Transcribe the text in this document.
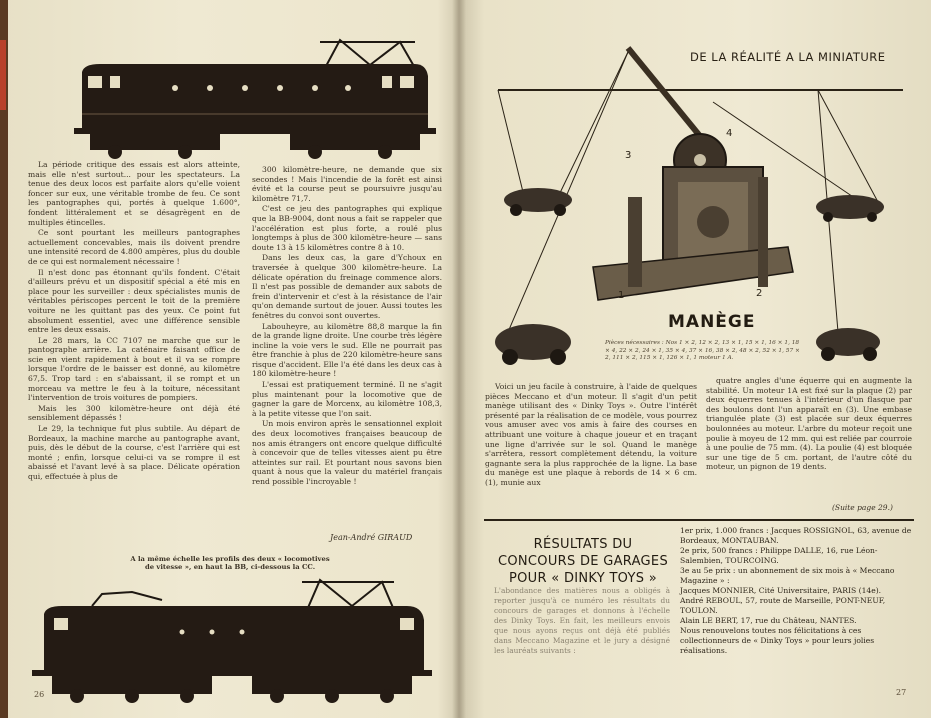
La période critique des essais est alors atteinte, mais elle n'est surtout... pour les spectateurs. La tenue des deux locos est parfaite alors qu'elle voient foncer sur eux, une véritable trombe de feu. Ce sont les pantographes qui, portés à quelque 1.600°, fondent littéralement et se désagrègent en de multiples étincelles.

Ce sont pourtant les meilleurs pantographes actuellement concevables, mais ils doivent prendre une intensité record de 4.800 ampères, plus du double de ce qui est normalement nécessaire !

Il n'est donc pas étonnant qu'ils fondent. C'était d'ailleurs prévu et un dispositif spécial a été mis en place pour les surveiller : deux spécialistes munis de véritables périscopes percent le toit de la première voiture ne les quittant pas des yeux. Ce point fut absolument essentiel, avec une différence sensible entre les deux essais.

Le 28 mars, la CC 7107 ne marche que sur le pantographe arrière. La caténaire faisant office de scie en vient rapidement à bout et il va se rompre lorsque l'ordre de le baisser est donné, au kilomètre 67,5. Trop tard : en s'abaissant, il se rompt et un morceau va mettre le feu à la toiture, nécessitant l'intervention de trois voitures de pompiers.

Mais les 300 kilomètre-heure ont déjà été sensiblement dépassés !

Le 29, la technique fut plus subtile. Au départ de Bordeaux, la machine marche au pantographe avant, puis, dès le début de la course, c'est l'arrière qui est monté ; enfin, lorsque celui-ci va se rompre il est abaissé et l'avant levé à sa place. Délicate opération qui, effectuée à plus de

300 kilomètre-heure, ne demande que six secondes ! Mais l'incendie de la forêt est ainsi évité et la course peut se poursuivre jusqu'au kilomètre 71,7.

C'est ce jeu des pantographes qui explique que la BB-9004, dont nous a fait se rappeler que l'accélération est plus forte, a roulé plus longtemps à plus de 300 kilomètre-heure — sans doute 13 à 15 kilomètres contre 8 à 10.

Dans les deux cas, la gare d'Ychoux en traversée à quelque 300 kilomètre-heure. La délicate opération du freinage commence alors. Il n'est pas possible de demander aux sabots de frein d'intervenir et c'est à la résistance de l'air qu'on demande surtout de jouer. Aussi toutes les fenêtres du convoi sont ouvertes.

Labouheyre, au kilomètre 88,8 marque la fin de la grande ligne droite. Une courbe très légère incline la voie vers le sud. Elle ne pourrait pas être franchie à plus de 220 kilomètre-heure sans risque d'accident. Elle l'a été dans les deux cas à 180 kilomètre-heure !

L'essai est pratiquement terminé. Il ne s'agit plus maintenant pour la locomotive que de gagner la gare de Morcenx, au kilomètre 108,3, à la petite vitesse que l'on sait.

Un mois environ après le sensationnel exploit des deux locomotives françaises beaucoup de nos amis étrangers ont encore quelque difficulté à concevoir que de telles vitesses aient pu être atteintes sur rail. Et pourtant nous savons bien quant à nous que la valeur du matériel français rend possible l'incroyable !

Jean-André GIRAUD
A la même échelle les profils des deux « locomotives de vitesse », en haut la BB, ci-dessous la CC.
26
DE LA RÉALITÉ A LA MINIATURE
1	2
3
4
MANÈGE
Pièces nécessaires : Nos 1 × 2, 12 × 2, 13 × 1, 15 × 1, 16 × 1, 18 × 4, 22 × 2, 24 × 1, 35 × 4, 37 × 16, 38 × 2, 48 × 2, 52 × 1, 57 × 2, 111 × 2, 115 × 1, 126 × 1, 1 moteur 1 A.

Voici un jeu facile à construire, à l'aide de quelques pièces Meccano et d'un moteur. Il s'agit d'un petit manège utilisant des « Dinky Toys ». Outre l'intérêt présenté par la réalisation de ce modèle, vous pourrez vous amuser avec vos amis à faire des courses en attribuant une voiture à chaque joueur et en traçant une ligne d'arrivée sur le sol. Quand le manège s'arrêtera, ressort complètement détendu, la voiture gagnante sera la plus rapprochée de la ligne. La base du manège est une plaque à rebords de 14 × 6 cm. (1), munie aux

quatre angles d'une équerre qui en augmente la stabilité. Un moteur 1A est fixé sur la plaque (2) par deux équerres tenues à l'intérieur d'un flasque par des boulons dont l'un apparaît en (3). Une embase triangulée plate (3) est placée sur deux équerres boulonnées au moteur. L'arbre du moteur reçoit une poulie à moyeu de 12 mm. qui est reliée par courroie à une poulie de 75 mm. (4). La poulie (4) est bloquée sur une tige de 5 cm. portant, de l'autre côté du moteur, un pignon de 19 dents.

(Suite page 29.)
RÉSULTATS DU CONCOURS DE GARAGES POUR « DINKY TOYS »
L'abondance des matières nous a obligés à reporter jusqu'à ce numéro les résultats du concours de garages et donnons à l'échelle des Dinky Toys. En fait, les meilleurs envois que nous ayons reçus ont déjà été publiés dans Meccano Magazine et le jury a désigné les lauréats suivants :
1er prix, 1.000 francs : Jacques ROSSIGNOL, 63, avenue de Bordeaux, MONTAUBAN.
2e prix, 500 francs : Philippe DALLE, 16, rue Léon-Salembien, TOURCOING.
3e au 5e prix : un abonnement de six mois à « Meccano Magazine » :
Jacques MONNIER, Cité Universitaire, PARIS (14e).
André REBOUL, 57, route de Marseille, PONT-NEUF, TOULON.
Alain LE BERT, 17, rue du Château, NANTES.
Nous renouvelons toutes nos félicitations à ces collectionneurs de « Dinky Toys » pour leurs jolies réalisations.
27
